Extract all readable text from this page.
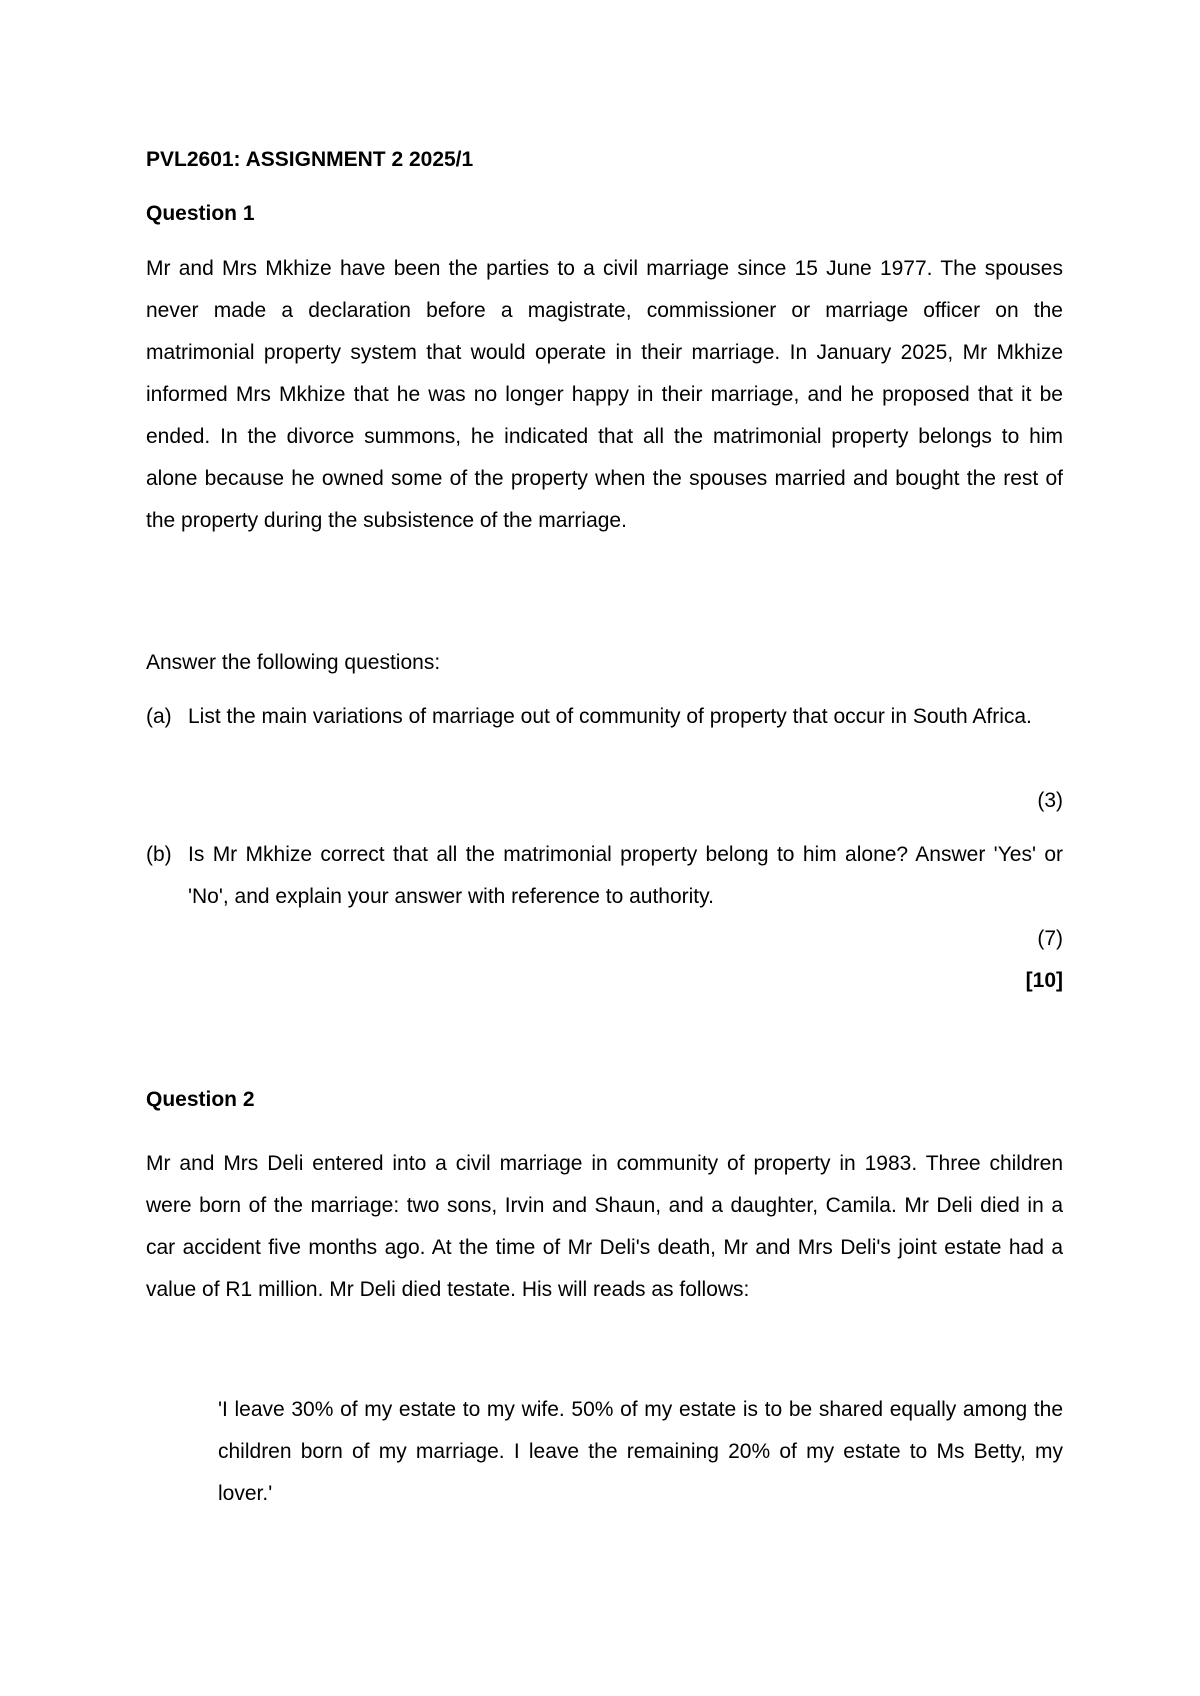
PVL2601: ASSIGNMENT 2 2025/1
Question 1
Mr and Mrs Mkhize have been the parties to a civil marriage since 15 June 1977. The spouses never made a declaration before a magistrate, commissioner or marriage officer on the matrimonial property system that would operate in their marriage. In January 2025, Mr Mkhize informed Mrs Mkhize that he was no longer happy in their marriage, and he proposed that it be ended. In the divorce summons, he indicated that all the matrimonial property belongs to him alone because he owned some of the property when the spouses married and bought the rest of the property during the subsistence of the marriage.
Answer the following questions:
(a) List the main variations of marriage out of community of property that occur in South Africa.
(3)
(b) Is Mr Mkhize correct that all the matrimonial property belong to him alone? Answer 'Yes' or 'No', and explain your answer with reference to authority.
(7)
[10]
Question 2
Mr and Mrs Deli entered into a civil marriage in community of property in 1983. Three children were born of the marriage: two sons, Irvin and Shaun, and a daughter, Camila. Mr Deli died in a car accident five months ago. At the time of Mr Deli's death, Mr and Mrs Deli's joint estate had a value of R1 million. Mr Deli died testate. His will reads as follows:
'I leave 30% of my estate to my wife. 50% of my estate is to be shared equally among the children born of my marriage. I leave the remaining 20% of my estate to Ms Betty, my lover.'
